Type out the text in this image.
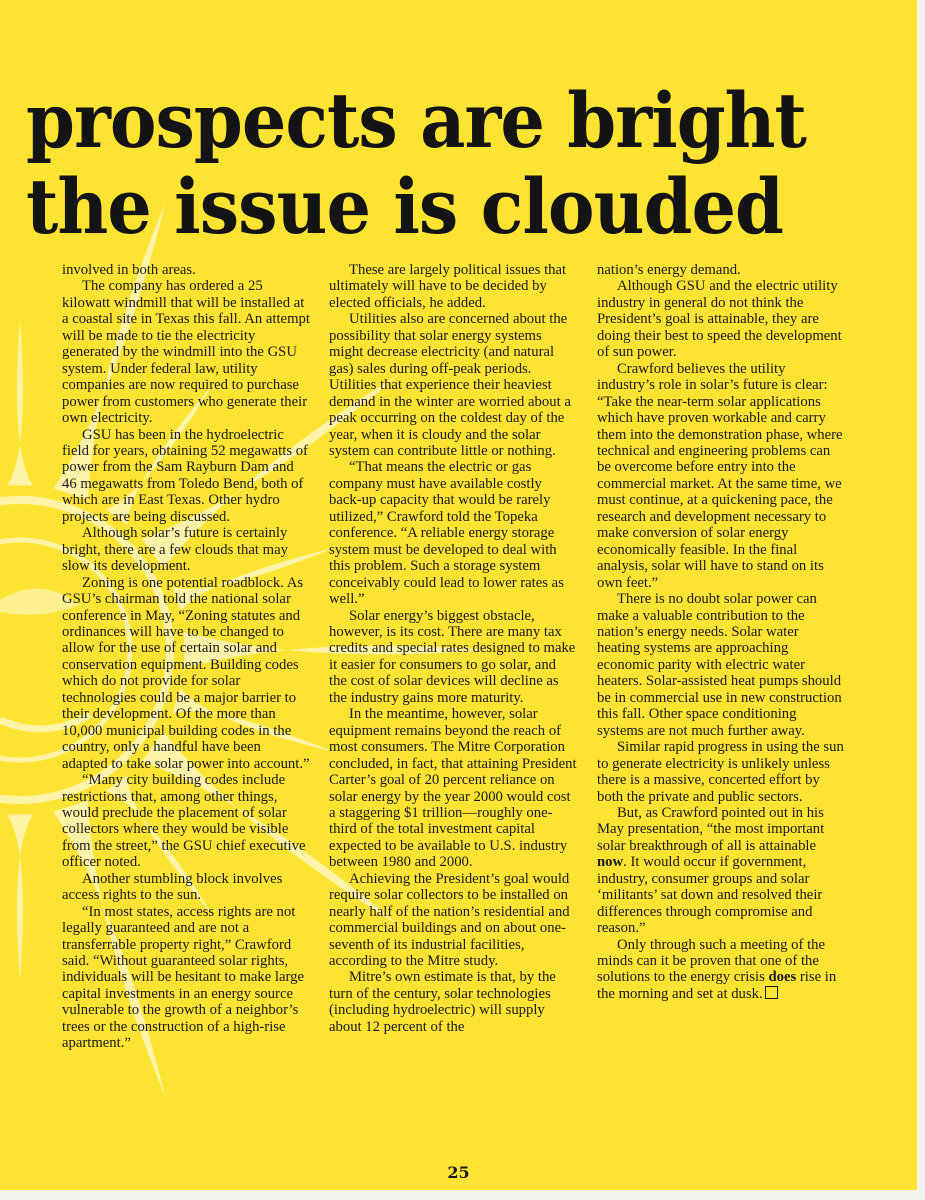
prospects are bright
the issue is clouded

involved in both areas.

The company has ordered a 25 kilowatt windmill that will be installed at a coastal site in Texas this fall. An attempt will be made to tie the electricity generated by the windmill into the GSU system. Under federal law, utility companies are now required to purchase power from customers who generate their own electricity.

GSU has been in the hydroelectric field for years, obtaining 52 megawatts of power from the Sam Rayburn Dam and 46 megawatts from Toledo Bend, both of which are in East Texas. Other hydro projects are being discussed.

Although solar’s future is certainly bright, there are a few clouds that may slow its development.

Zoning is one potential roadblock. As GSU’s chairman told the national solar conference in May, “Zoning statutes and ordinances will have to be changed to allow for the use of certain solar and conservation equipment. Building codes which do not provide for solar technologies could be a major barrier to their development. Of the more than 10,000 municipal building codes in the country, only a handful have been adapted to take solar power into account.”

“Many city building codes include restrictions that, among other things, would preclude the placement of solar collectors where they would be visible from the street,” the GSU chief executive officer noted.

Another stumbling block involves access rights to the sun.

“In most states, access rights are not legally guaranteed and are not a transferrable property right,” Crawford said. “Without guaranteed solar rights, individuals will be hesitant to make large capital investments in an energy source vulnerable to the growth of a neighbor’s trees or the construction of a high-rise apartment.”

These are largely political issues that ultimately will have to be decided by elected officials, he added.

Utilities also are concerned about the possibility that solar energy systems might decrease electricity (and natural gas) sales during off-peak periods. Utilities that experience their heaviest demand in the winter are worried about a peak occurring on the coldest day of the year, when it is cloudy and the solar system can contribute little or nothing.

“That means the electric or gas company must have available costly back-up capacity that would be rarely utilized,” Crawford told the Topeka conference. “A reliable energy storage system must be developed to deal with this problem. Such a storage system conceivably could lead to lower rates as well.”

Solar energy’s biggest obstacle, however, is its cost. There are many tax credits and special rates designed to make it easier for consumers to go solar, and the cost of solar devices will decline as the industry gains more maturity.

In the meantime, however, solar equipment remains beyond the reach of most consumers. The Mitre Corporation concluded, in fact, that attaining President Carter’s goal of 20 percent reliance on solar energy by the year 2000 would cost a staggering $1 trillion—roughly one-third of the total investment capital expected to be available to U.S. industry between 1980 and 2000.

Achieving the President’s goal would require solar collectors to be installed on nearly half of the nation’s residential and commercial buildings and on about one-seventh of its industrial facilities, according to the Mitre study.

Mitre’s own estimate is that, by the turn of the century, solar technologies (including hydroelectric) will supply about 12 percent of the

nation’s energy demand.

Although GSU and the electric utility industry in general do not think the President’s goal is attainable, they are doing their best to speed the development of sun power.

Crawford believes the utility industry’s role in solar’s future is clear: “Take the near-term solar applications which have proven workable and carry them into the demonstration phase, where technical and engineering problems can be overcome before entry into the commercial market. At the same time, we must continue, at a quickening pace, the research and development necessary to make conversion of solar energy economically feasible. In the final analysis, solar will have to stand on its own feet.”

There is no doubt solar power can make a valuable contribution to the nation’s energy needs. Solar water heating systems are approaching economic parity with electric water heaters. Solar-assisted heat pumps should be in commercial use in new construction this fall. Other space conditioning systems are not much further away.

Similar rapid progress in using the sun to generate electricity is unlikely unless there is a massive, concerted effort by both the private and public sectors.

But, as Crawford pointed out in his May presentation, “the most important solar breakthrough of all is attainable now. It would occur if government, industry, consumer groups and solar ‘militants’ sat down and resolved their differences through compromise and reason.”

Only through such a meeting of the minds can it be proven that one of the solutions to the energy crisis does rise in the morning and set at dusk.

25
